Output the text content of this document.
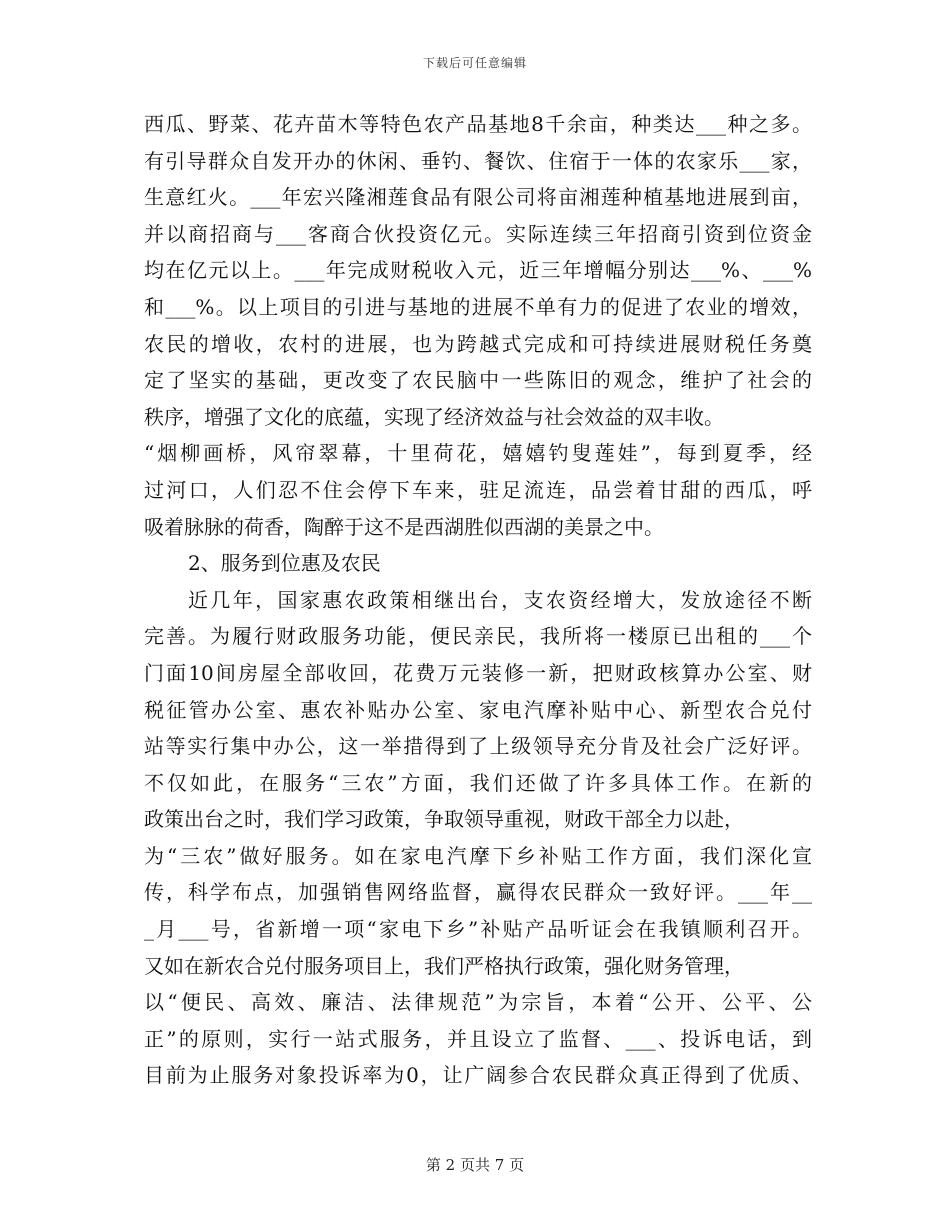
下载后可任意编辑
西瓜、野菜、花卉苗木等特色农产品基地8千余亩，种类达___种之多。
有引导群众自发开办的休闲、垂钓、餐饮、住宿于一体的农家乐___家，
生意红火。___年宏兴隆湘莲食品有限公司将亩湘莲种植基地进展到亩，
并以商招商与___客商合伙投资亿元。实际连续三年招商引资到位资金
均在亿元以上。___年完成财税收入元，近三年增幅分别达___%、___%
和___%。以上项目的引进与基地的进展不单有力的促进了农业的增效，
农民的增收，农村的进展，也为跨越式完成和可持续进展财税任务奠
定了坚实的基础，更改变了农民脑中一些陈旧的观念，维护了社会的
秩序，增强了文化的底蕴，实现了经济效益与社会效益的双丰收。
“烟柳画桥，风帘翠幕，十里荷花，嬉嬉钓叟莲娃”，每到夏季，经
过河口，人们忍不住会停下车来，驻足流连，品尝着甘甜的西瓜，呼
吸着脉脉的荷香，陶醉于这不是西湖胜似西湖的美景之中。
2、服务到位惠及农民
近几年，国家惠农政策相继出台，支农资经增大，发放途径不断
完善。为履行财政服务功能，便民亲民，我所将一楼原已出租的___个
门面10间房屋全部收回，花费万元装修一新，把财政核算办公室、财
税征管办公室、惠农补贴办公室、家电汽摩补贴中心、新型农合兑付
站等实行集中办公，这一举措得到了上级领导充分肯及社会广泛好评。
不仅如此，在服务“三农”方面，我们还做了许多具体工作。在新的
政策出台之时，我们学习政策，争取领导重视，财政干部全力以赴，
为“三农”做好服务。如在家电汽摩下乡补贴工作方面，我们深化宣
传，科学布点，加强销售网络监督，赢得农民群众一致好评。___年__
_月___号，省新增一项“家电下乡”补贴产品听证会在我镇顺利召开。
又如在新农合兑付服务项目上，我们严格执行政策，强化财务管理，
以“便民、高效、廉洁、法律规范”为宗旨，本着“公开、公平、公
正”的原则，实行一站式服务，并且设立了监督、___、投诉电话，到
目前为止服务对象投诉率为0，让广阔参合农民群众真正得到了优质、
第 2 页共 7 页
